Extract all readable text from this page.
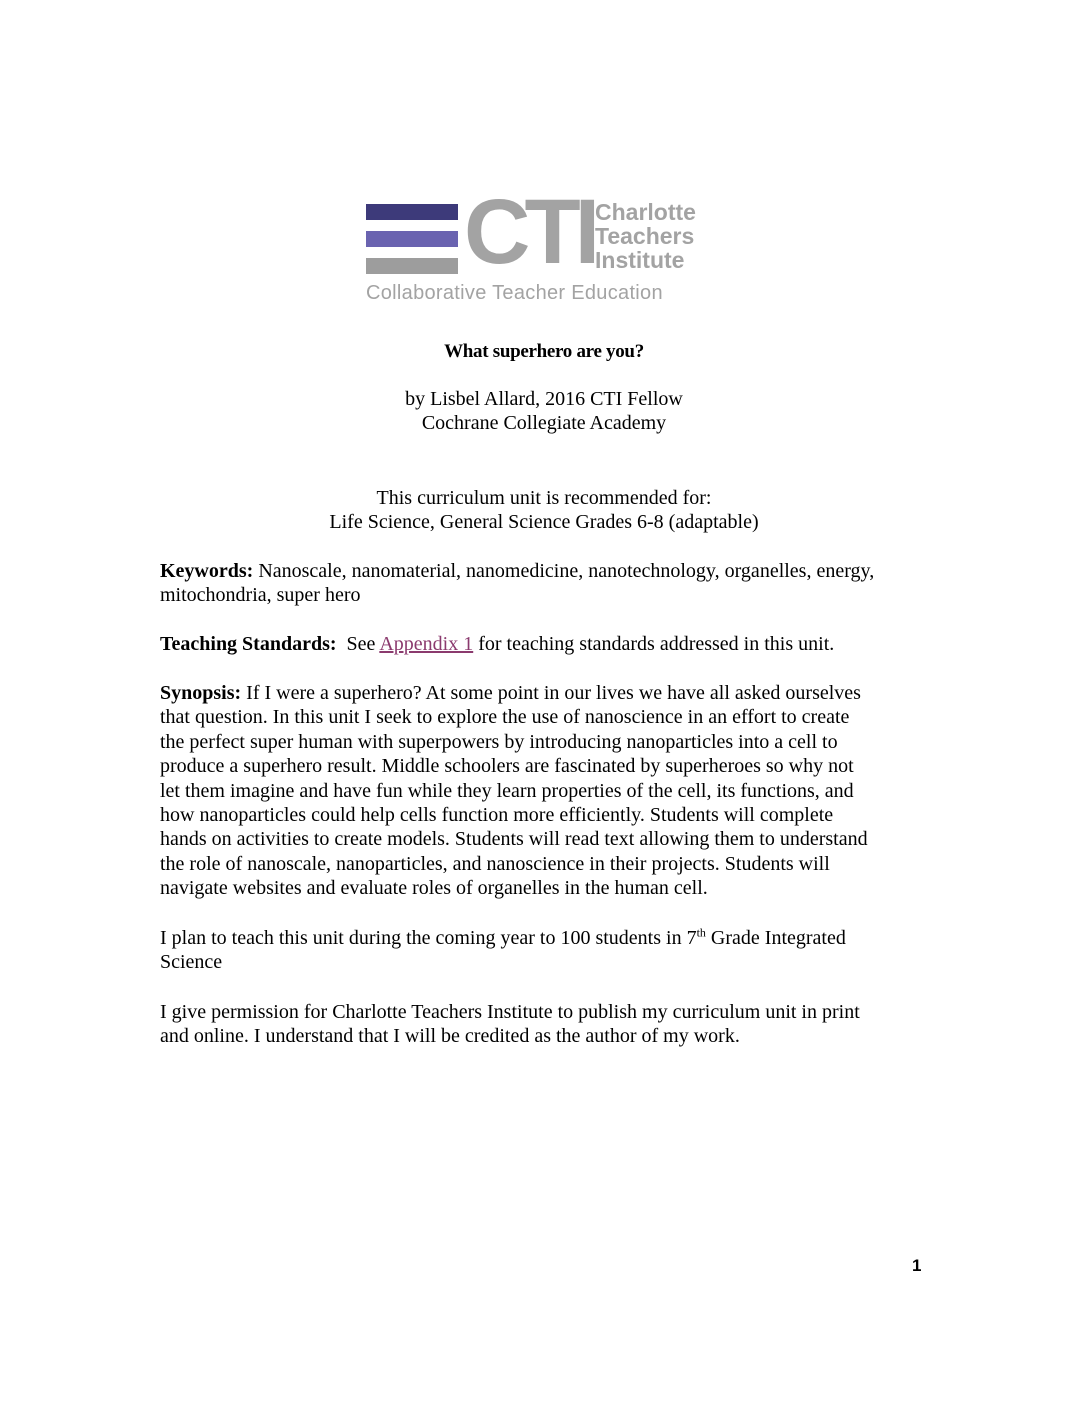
CTI Charlotte
Teachers
Institute
Collaborative Teacher Education
What superhero are you?
by Lisbel Allard, 2016 CTI Fellow
Cochrane Collegiate Academy
This curriculum unit is recommended for:
Life Science, General Science Grades 6-8 (adaptable)
Keywords: Nanoscale, nanomaterial, nanomedicine, nanotechnology, organelles, energy,
mitochondria, super hero
Teaching Standards:  See Appendix 1 for teaching standards addressed in this unit.
Synopsis: If I were a superhero? At some point in our lives we have all asked ourselves
that question. In this unit I seek to explore the use of nanoscience in an effort to create
the perfect super human with superpowers by introducing nanoparticles into a cell to
produce a superhero result. Middle schoolers are fascinated by superheroes so why not
let them imagine and have fun while they learn properties of the cell, its functions, and
how nanoparticles could help cells function more efficiently. Students will complete
hands on activities to create models. Students will read text allowing them to understand
the role of nanoscale, nanoparticles, and nanoscience in their projects. Students will
navigate websites and evaluate roles of organelles in the human cell.
I plan to teach this unit during the coming year to 100 students in 7th Grade Integrated
Science
I give permission for Charlotte Teachers Institute to publish my curriculum unit in print
and online. I understand that I will be credited as the author of my work.
1
